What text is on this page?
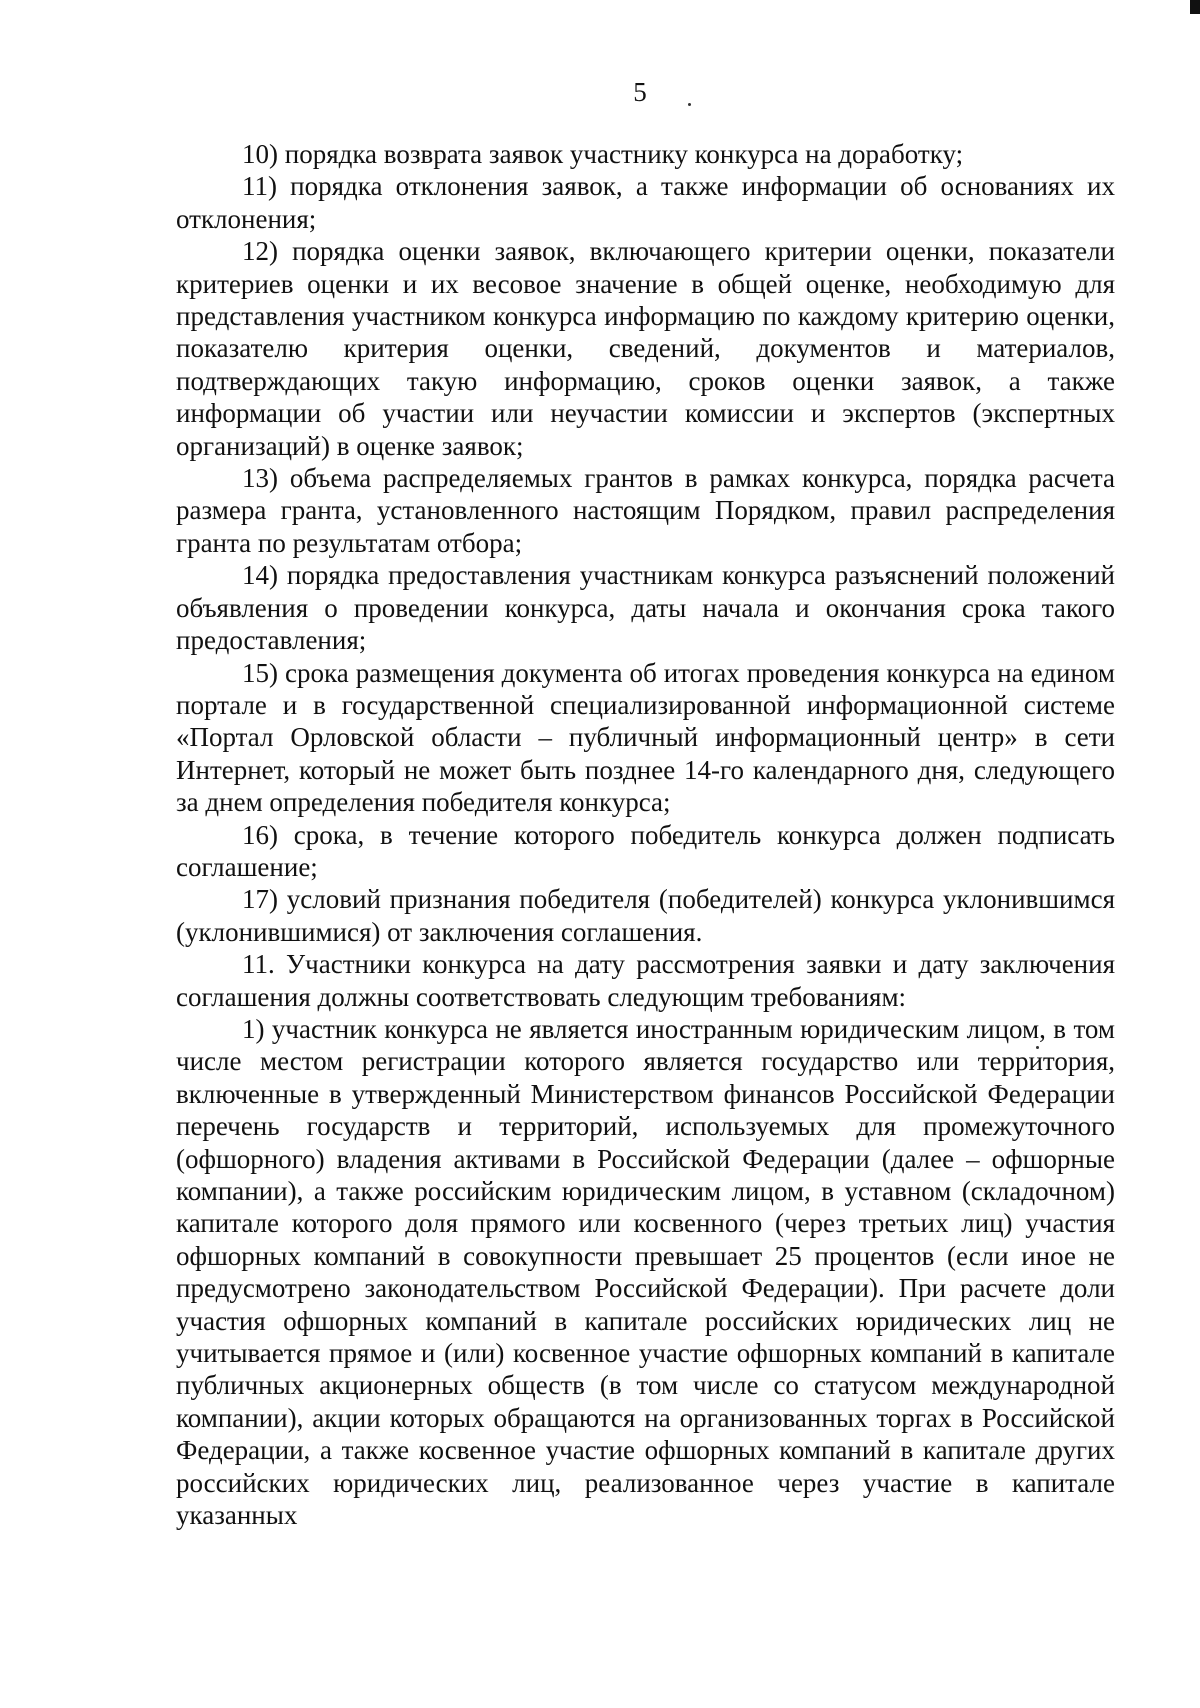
5

10) порядка возврата заявок участнику конкурса на доработку;

11) порядка отклонения заявок, а также информации об основаниях их отклонения;

12) порядка оценки заявок, включающего критерии оценки, показатели критериев оценки и их весовое значение в общей оценке, необходимую для представления участником конкурса информацию по каждому критерию оценки, показателю критерия оценки, сведений, документов и материалов, подтверждающих такую информацию, сроков оценки заявок, а также информации об участии или неучастии комиссии и экспертов (экспертных организаций) в оценке заявок;

13) объема распределяемых грантов в рамках конкурса, порядка расчета размера гранта, установленного настоящим Порядком, правил распределения гранта по результатам отбора;

14) порядка предоставления участникам конкурса разъяснений положений объявления о проведении конкурса, даты начала и окончания срока такого предоставления;

15) срока размещения документа об итогах проведения конкурса на едином портале и в государственной специализированной информационной системе «Портал Орловской области – публичный информационный центр» в сети Интернет, который не может быть позднее 14-го календарного дня, следующего за днем определения победителя конкурса;

16) срока, в течение которого победитель конкурса должен подписать соглашение;

17) условий признания победителя (победителей) конкурса уклонившимся (уклонившимися) от заключения соглашения.

11. Участники конкурса на дату рассмотрения заявки и дату заключения соглашения должны соответствовать следующим требованиям:

1) участник конкурса не является иностранным юридическим лицом, в том числе местом регистрации которого является государство или территория, включенные в утвержденный Министерством финансов Российской Федерации перечень государств и территорий, используемых для промежуточного (офшорного) владения активами в Российской Федерации (далее – офшорные компании), а также российским юридическим лицом, в уставном (складочном) капитале которого доля прямого или косвенного (через третьих лиц) участия офшорных компаний в совокупности превышает 25 процентов (если иное не предусмотрено законодательством Российской Федерации). При расчете доли участия офшорных компаний в капитале российских юридических лиц не учитывается прямое и (или) косвенное участие офшорных компаний в капитале публичных акционерных обществ (в том числе со статусом международной компании), акции которых обращаются на организованных торгах в Российской Федерации, а также косвенное участие офшорных компаний в капитале других российских юридических лиц, реализованное через участие в капитале указанных
